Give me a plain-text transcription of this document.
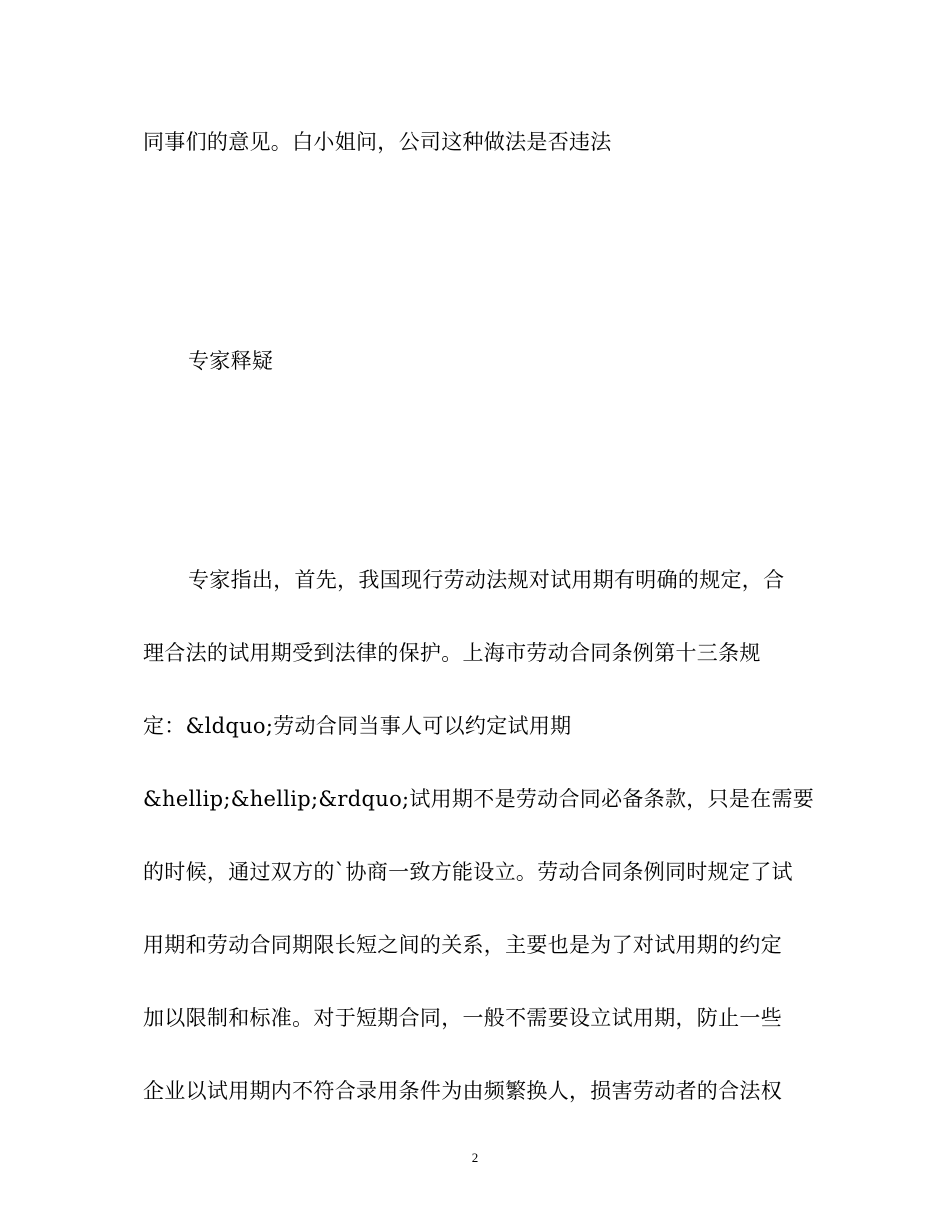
同事们的意见。白小姐问，公司这种做法是否违法
专家释疑
专家指出，首先，我国现行劳动法规对试用期有明确的规定，合
理合法的试用期受到法律的保护。上海市劳动合同条例第十三条规
定：&ldquo;劳动合同当事人可以约定试用期
&hellip;&hellip;&rdquo;试用期不是劳动合同必备条款，只是在需要
的时候，通过双方的`协商一致方能设立。劳动合同条例同时规定了试
用期和劳动合同期限长短之间的关系，主要也是为了对试用期的约定
加以限制和标准。对于短期合同，一般不需要设立试用期，防止一些
企业以试用期内不符合录用条件为由频繁换人，损害劳动者的合法权
2
